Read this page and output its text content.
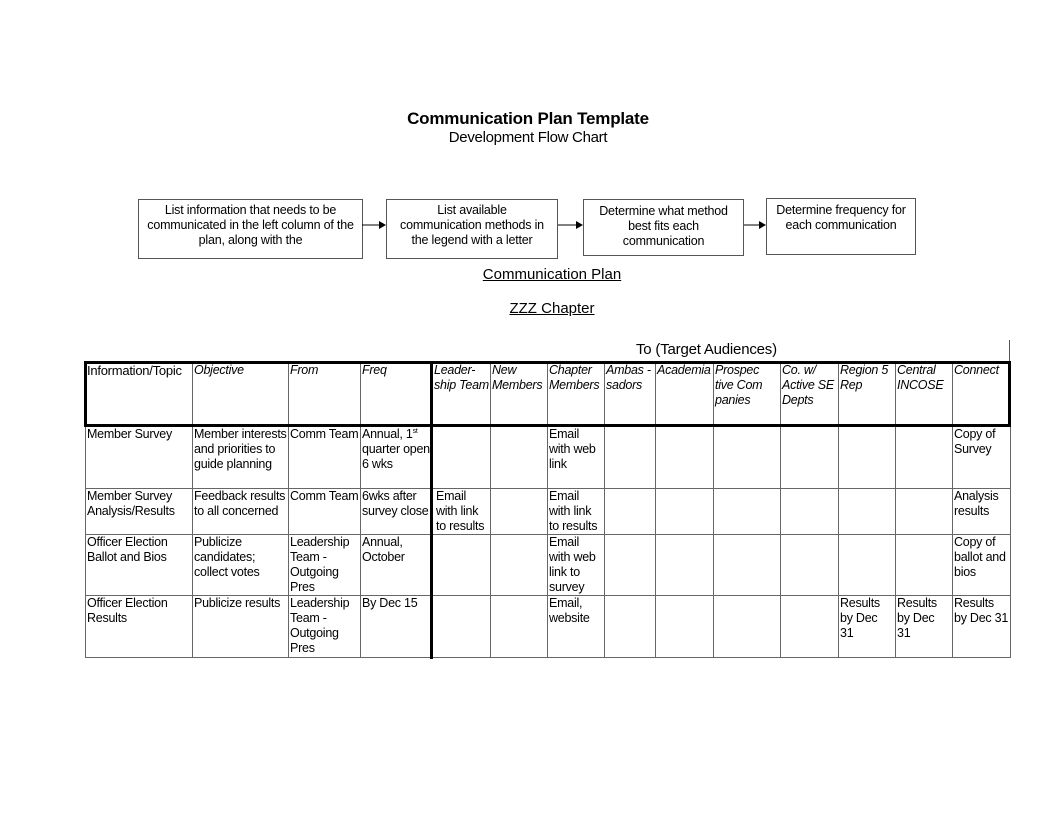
Communication Plan Template
Development Flow Chart
List information that needs to be communicated in the left column of the plan, along with the
List available communication methods in the legend with a letter
Determine what method best fits each communication
Determine frequency for each communication
Communication Plan
ZZZ Chapter
To (Target Audiences)
Information/Topic	Objective	From	Freq	Leader-ship Team	New Members	Chapter Members	Ambas -sadors	Academia	Prospec tive Com panies	Co. w/ Active SE Depts	Region 5 Rep	Central INCOSE	Connect
Member Survey	Member interests and priorities to guide planning	Comm Team	Annual, 1st quarter open 6 wks			Email with web link							Copy of Survey
Member Survey Analysis/Results	Feedback results to all concerned	Comm Team	6wks after survey close	Email with link to results		Email with link to results							Analysis results
Officer Election Ballot and Bios	Publicize candidates; collect votes	Leadership Team - Outgoing Pres	Annual, October			Email with web link to survey							Copy of ballot and bios
Officer Election Results	Publicize results	Leadership Team - Outgoing Pres	By Dec 15			Email, website					Results by Dec 31	Results by Dec 31	Results by Dec 31
